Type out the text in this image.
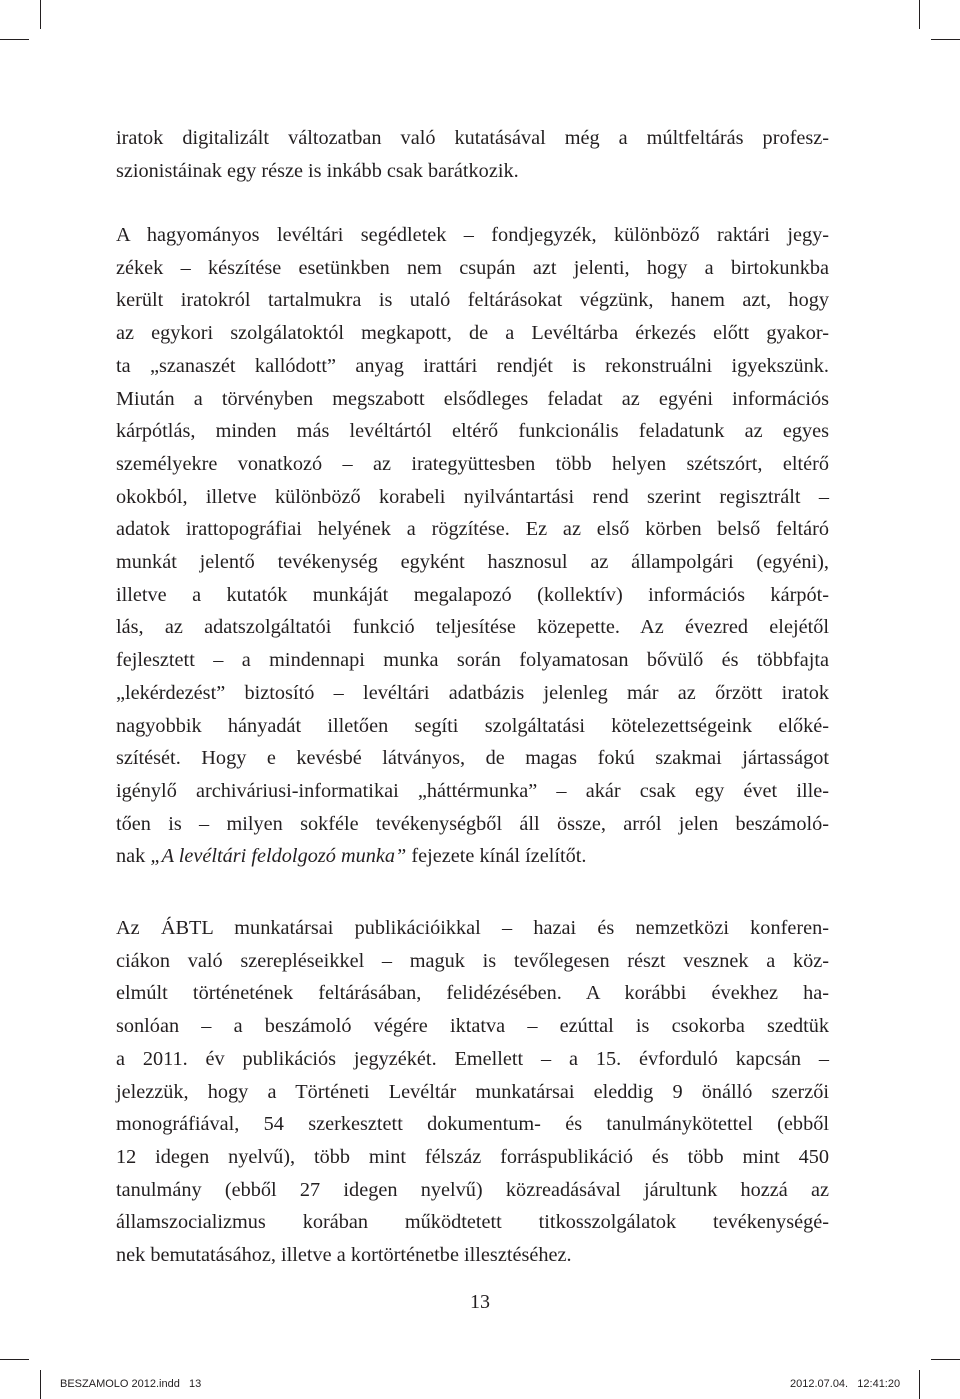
iratok digitalizált változatban való kutatásával még a múltfeltárás profesz-
szionistáinak egy része is inkább csak barátkozik.
A hagyományos levéltári segédletek – fondjegyzék, különböző raktári jegy-
zékek – készítése esetünkben nem csupán azt jelenti, hogy a birtokunkba
került iratokról tartalmukra is utaló feltárásokat végzünk, hanem azt, hogy
az egykori szolgálatoktól megkapott, de a Levéltárba érkezés előtt gyakor-
ta „szanaszét kallódott” anyag irattári rendjét is rekonstruálni igyekszünk.
Miután a törvényben megszabott elsődleges feladat az egyéni információs
kárpótlás, minden más levéltártól eltérő funkcionális feladatunk az egyes
személyekre vonatkozó – az irategyüttesben több helyen szétszórt, eltérő
okokból, illetve különböző korabeli nyilvántartási rend szerint regisztrált –
adatok irattopográfiai helyének a rögzítése. Ez az első körben belső feltáró
munkát jelentő tevékenység egyként hasznosul az állampolgári (egyéni),
illetve a kutatók munkáját megalapozó (kollektív) információs kárpót-
lás, az adatszolgáltatói funkció teljesítése közepette. Az évezred elejétől
fejlesztett – a mindennapi munka során folyamatosan bővülő és többfajta
„lekérdezést” biztosító – levéltári adatbázis jelenleg már az őrzött iratok
nagyobbik hányadát illetően segíti szolgáltatási kötelezettségeink előké-
szítését. Hogy e kevésbé látványos, de magas fokú szakmai jártasságot
igénylő archiváriusi-informatikai „háttérmunka” – akár csak egy évet ille-
tően is – milyen sokféle tevékenységből áll össze, arról jelen beszámoló-
nak „A levéltári feldolgozó munka” fejezete kínál ízelítőt.
Az ÁBTL munkatársai publikációikkal – hazai és nemzetközi konferen-
ciákon való szerepléseikkel – maguk is tevőlegesen részt vesznek a köz-
elmúlt történetének feltárásában, felidézésében. A korábbi évekhez ha-
sonlóan – a beszámoló végére iktatva – ezúttal is csokorba szedtük
a 2011. év publikációs jegyzékét. Emellett – a 15. évforduló kapcsán –
jelezzük, hogy a Történeti Levéltár munkatársai eleddig 9 önálló szerzői
monográfiával, 54 szerkesztett dokumentum- és tanulmánykötettel (ebből
12 idegen nyelvű), több mint félszáz forráspublikáció és több mint 450
tanulmány (ebből 27 idegen nyelvű) közreadásával járultunk hozzá az
államszocializmus korában működtetett titkosszolgálatok tevékenységé-
nek bemutatásához, illetve a kortörténetbe illesztéséhez.
13
BESZAMOLO 2012.indd   13	2012.07.04.   12:41:20
